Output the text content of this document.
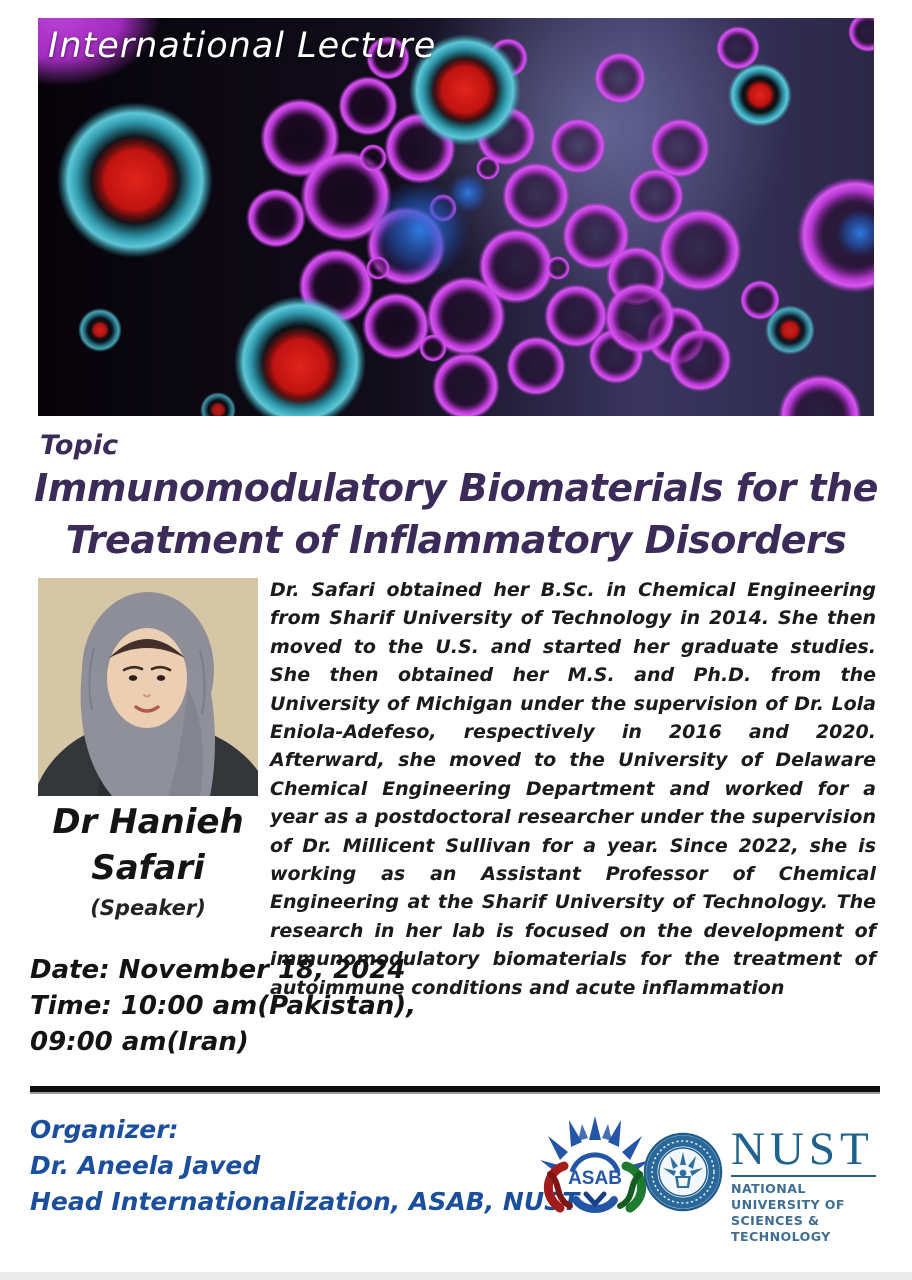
International Lecture
Topic
Immunomodulatory Biomaterials for the
Treatment of Inflammatory Disorders
Dr Hanieh Safari
(Speaker)
Dr. Safari obtained her B.Sc. in Chemical Engineering from Sharif University of Technology in 2014. She then moved to the U.S. and started her graduate studies. She then obtained her M.S. and Ph.D. from the University of Michigan under the supervision of Dr. Lola Eniola-Adefeso, respectively in 2016 and 2020. Afterward, she moved to the University of Delaware Chemical Engineering Department and worked for a year as a postdoctoral researcher under the supervision of Dr. Millicent Sullivan for a year. Since 2022, she is working as an Assistant Professor of Chemical Engineering at the Sharif University of Technology. The research in her lab is focused on the development of immunomodulatory biomaterials for the treatment of autoimmune conditions and acute inflammation
Date: November 18, 2024
Time: 10:00 am(Pakistan),
09:00 am(Iran)
Organizer:
Dr. Aneela Javed
Head Internationalization, ASAB, NUST
ASAB
NUST
NATIONAL UNIVERSITY OF
SCIENCES & TECHNOLOGY
